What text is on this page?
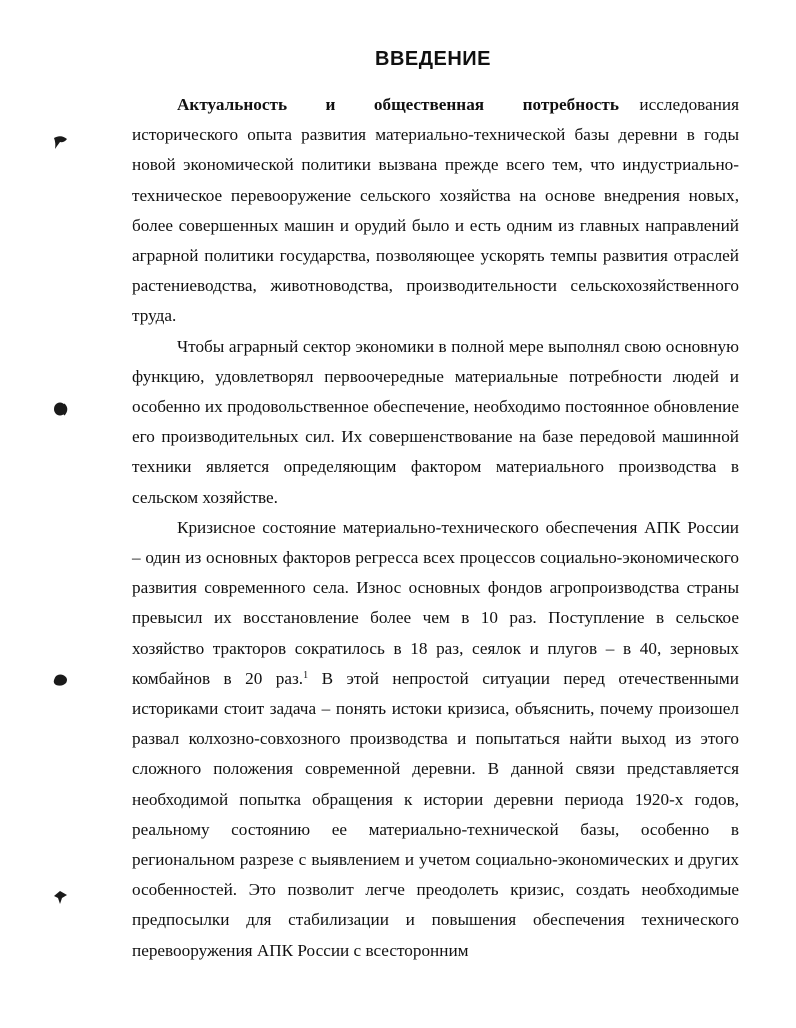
ВВЕДЕНИЕ

Актуальность и общественная потребность исследования исторического опыта развития материально-технической базы деревни в годы новой экономической политики вызвана прежде всего тем, что индустриально-техническое перевооружение сельского хозяйства на основе внедрения новых, более совершенных машин и орудий было и есть одним из главных направлений аграрной политики государства, позволяющее ускорять темпы развития отраслей растениеводства, животноводства, производительности сельскохозяйственного труда.

Чтобы аграрный сектор экономики в полной мере выполнял свою основную функцию, удовлетворял первоочередные материальные потребности людей и особенно их продовольственное обеспечение, необходимо постоянное обновление его производительных сил. Их совершенствование на базе передовой машинной техники является определяющим фактором материального производства в сельском хозяйстве.

Кризисное состояние материально-технического обеспечения АПК России – один из основных факторов регресса всех процессов социально-экономического развития современного села. Износ основных фондов агропроизводства страны превысил их восстановление более чем в 10 раз. Поступление в сельское хозяйство тракторов сократилось в 18 раз, сеялок и плугов – в 40, зерновых комбайнов в 20 раз.$^1$ В этой непростой ситуации перед отечественными историками стоит задача – понять истоки кризиса, объяснить, почему произошел развал колхозно-совхозного производства и попытаться найти выход из этого сложного положения современной деревни. В данной связи представляется необходимой попытка обращения к истории деревни периода 1920-х годов, реальному состоянию ее материально-технической базы, особенно в региональном разрезе с выявлением и учетом социально-экономических и других особенностей. Это позволит легче преодолеть кризис, создать необходимые предпосылки для стабилизации и повышения обеспечения технического перевооружения АПК России с всесторонним
